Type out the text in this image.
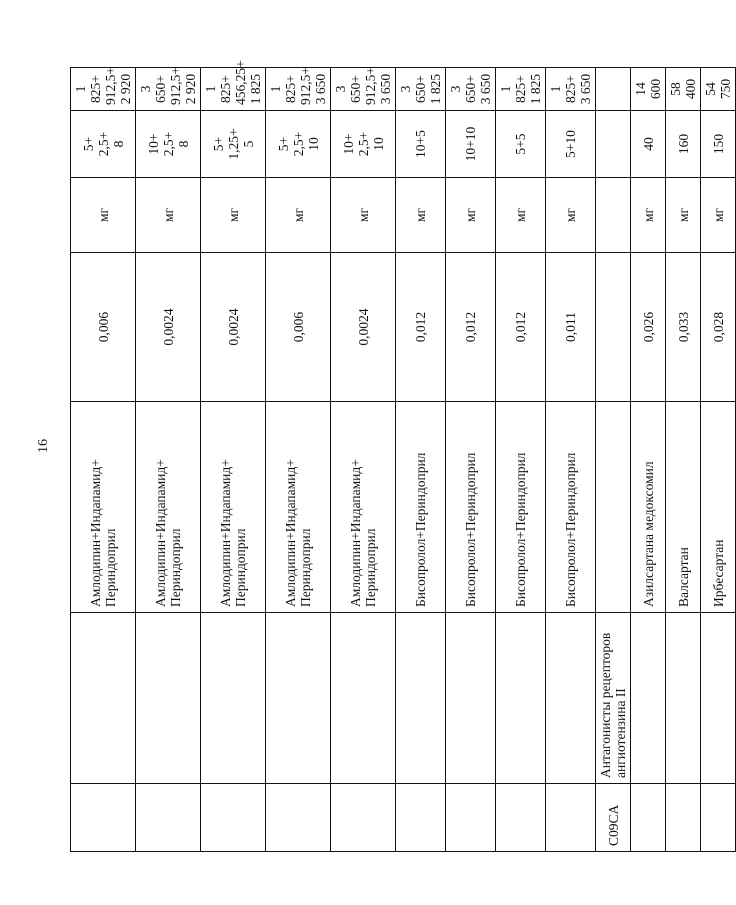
16

		Амлодипин+Индапамид+ Периндоприл	0,006	мг	5+
2,5+
8	1 825+
912,5+
2 920

		Амлодипин+Индапамид+ Периндоприл	0,0024	мг	10+
2,5+
8	3 650+
912,5+
2 920

		Амлодипин+Индапамид+ Периндоприл	0,0024	мг	5+
1,25+
5	1 825+
456,25+
1 825

		Амлодипин+Индапамид+ Периндоприл	0,006	мг	5+
2,5+
10	1 825+
912,5+
3 650

		Амлодипин+Индапамид+ Периндоприл	0,0024	мг	10+
2,5+
10	3 650+
912,5+
3 650

		Бисопролол+Периндоприл	0,012	мг	10+5	3 650+
1 825

		Бисопролол+Периндоприл	0,012	мг	10+10	3 650+
3 650

		Бисопролол+Периндоприл	0,012	мг	5+5	1 825+
1 825

		Бисопролол+Периндоприл	0,011	мг	5+10	1 825+
3 650

C09CA	Антагонисты рецепторов ангиотензина II					

		Азилсартана медоксомил	0,026	мг	40	14 600

		Валсартан	0,033	мг	160	58 400

		Ирбесартан	0,028	мг	150	54 750
